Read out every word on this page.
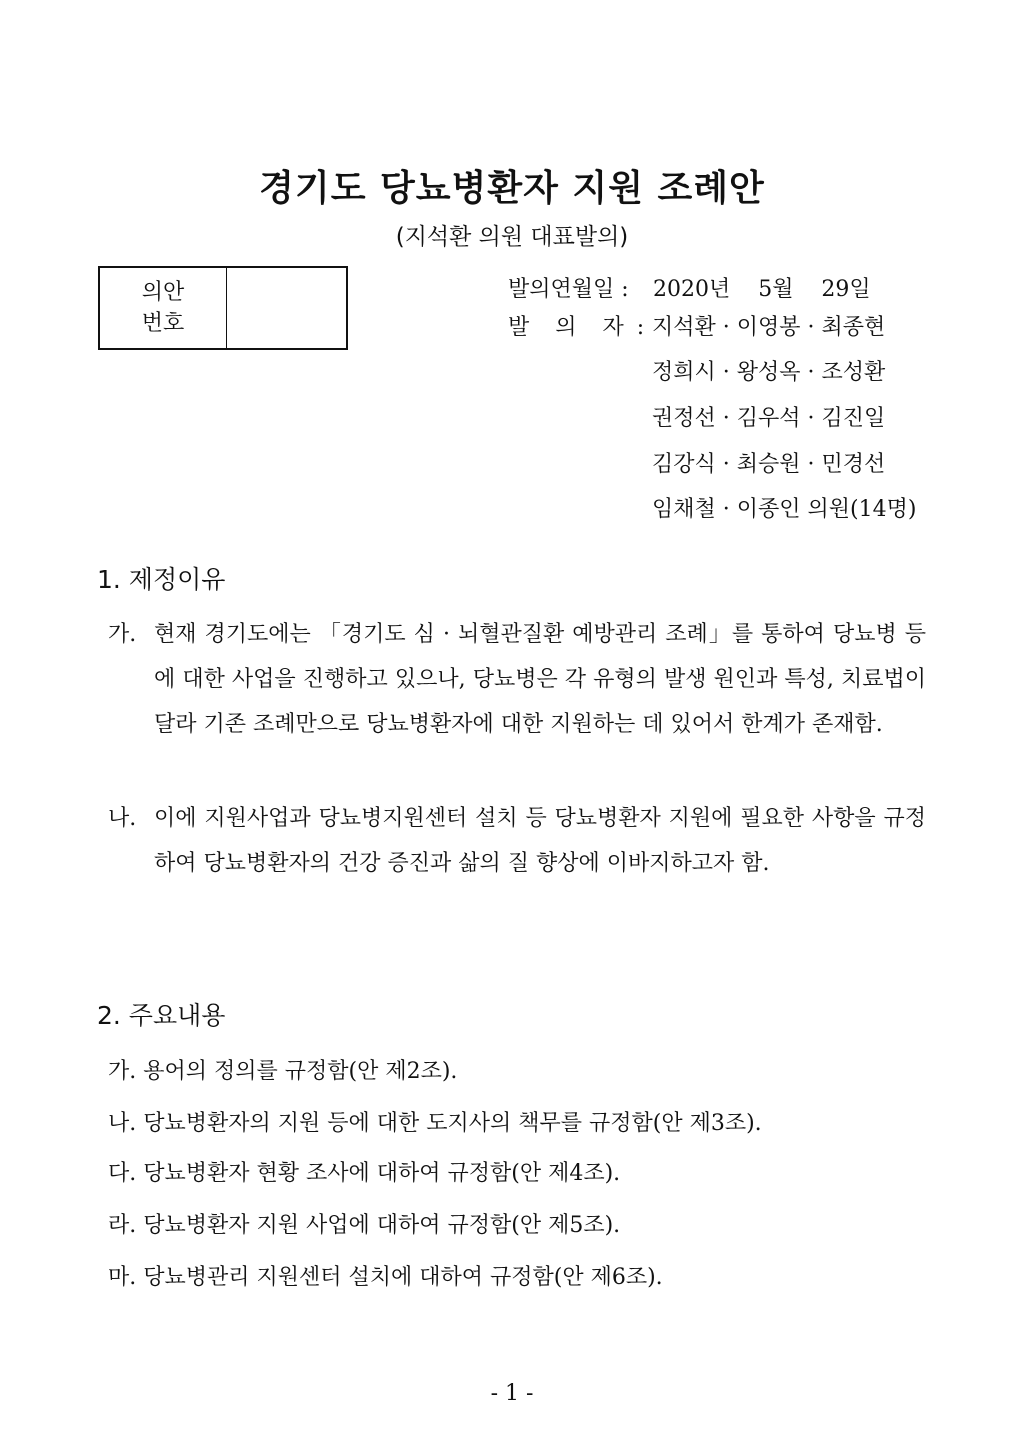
경기도 당뇨병환자 지원 조례안
(지석환 의원 대표발의)
의안
번호
발의연월일 : 2020년    5월    29일
발  의  자 : 지석환 · 이영봉 · 최종현
정희시 · 왕성옥 · 조성환
권정선 · 김우석 · 김진일
김강식 · 최승원 · 민경선
임채철 · 이종인 의원(14명)
1. 제정이유
가. 현재 경기도에는 「경기도 심 · 뇌혈관질환 예방관리 조례」를 통하여 당뇨병 등에 대한 사업을 진행하고 있으나, 당뇨병은 각 유형의 발생 원인과 특성, 치료법이 달라 기존 조례만으로 당뇨병환자에 대한 지원하는 데 있어서 한계가 존재함.
나. 이에 지원사업과 당뇨병지원센터 설치 등 당뇨병환자 지원에 필요한 사항을 규정하여 당뇨병환자의 건강 증진과 삶의 질 향상에 이바지하고자 함.
2. 주요내용
가. 용어의 정의를 규정함(안 제2조).
나. 당뇨병환자의 지원 등에 대한 도지사의 책무를 규정함(안 제3조).
다. 당뇨병환자 현황 조사에 대하여 규정함(안 제4조).
라. 당뇨병환자 지원 사업에 대하여 규정함(안 제5조).
마. 당뇨병관리 지원센터 설치에 대하여 규정함(안 제6조).
- 1 -
